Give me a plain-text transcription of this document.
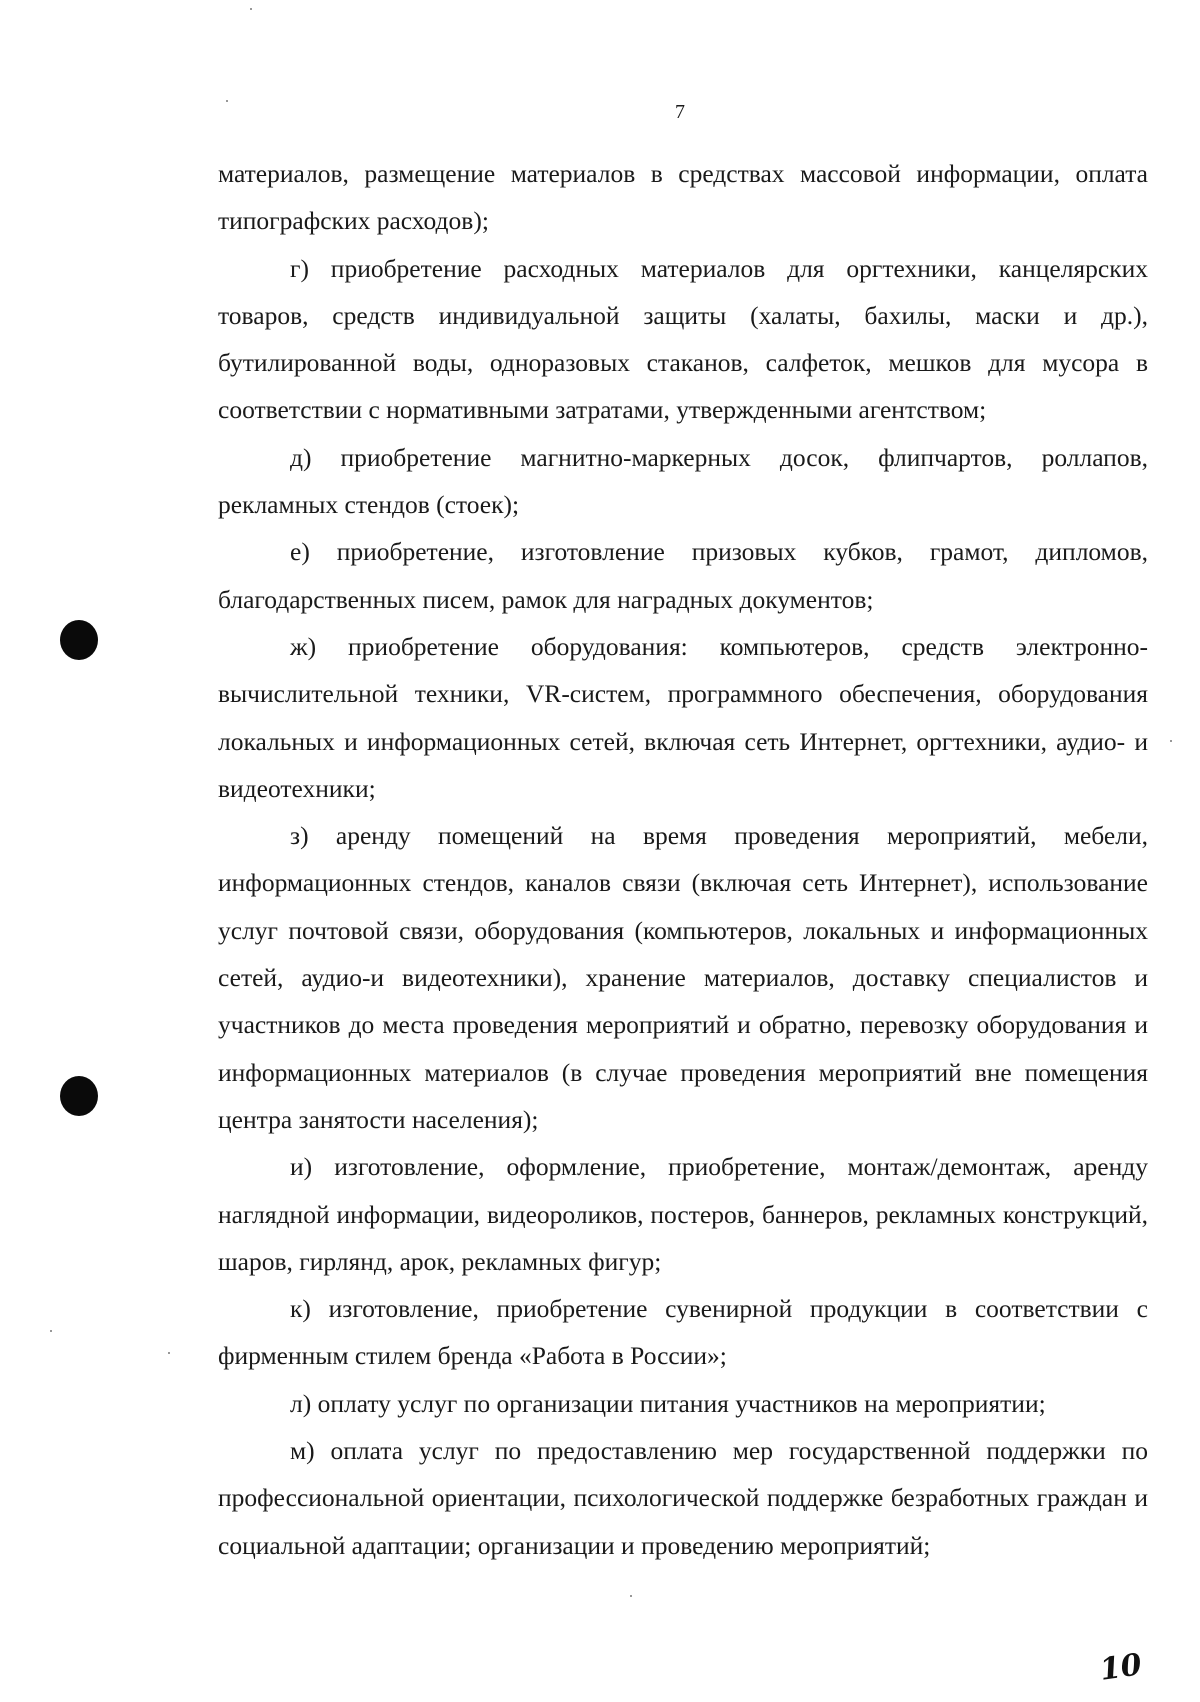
7

материалов, размещение материалов в средствах массовой информации, оплата типографских расходов);

г) приобретение расходных материалов для оргтехники, канцелярских товаров, средств индивидуальной защиты (халаты, бахилы, маски и др.), бутилированной воды, одноразовых стаканов, салфеток, мешков для мусора в соответствии с нормативными затратами, утвержденными агентством;

д) приобретение магнитно-маркерных досок, флипчартов, роллапов, рекламных стендов (стоек);

е) приобретение, изготовление призовых кубков, грамот, дипломов, благодарственных писем, рамок для наградных документов;

ж) приобретение оборудования: компьютеров, средств электронно-вычислительной техники, VR-систем, программного обеспечения, оборудования локальных и информационных сетей, включая сеть Интернет, оргтехники, аудио- и видеотехники;

з) аренду помещений на время проведения мероприятий, мебели, информационных стендов, каналов связи (включая сеть Интернет), использование услуг почтовой связи, оборудования (компьютеров, локальных и информационных сетей, аудио-и видеотехники), хранение материалов, доставку специалистов и участников до места проведения мероприятий и обратно, перевозку оборудования и информационных материалов (в случае проведения мероприятий вне помещения центра занятости населения);

и) изготовление, оформление, приобретение, монтаж/демонтаж, аренду наглядной информации, видеороликов, постеров, баннеров, рекламных конструкций, шаров, гирлянд, арок, рекламных фигур;

к) изготовление, приобретение сувенирной продукции в соответствии с фирменным стилем бренда «Работа в России»;

л) оплату услуг по организации питания участников на мероприятии;

м) оплата услуг по предоставлению мер государственной поддержки по профессиональной ориентации, психологической поддержке безработных граждан и социальной адаптации; организации и проведению мероприятий;

10
